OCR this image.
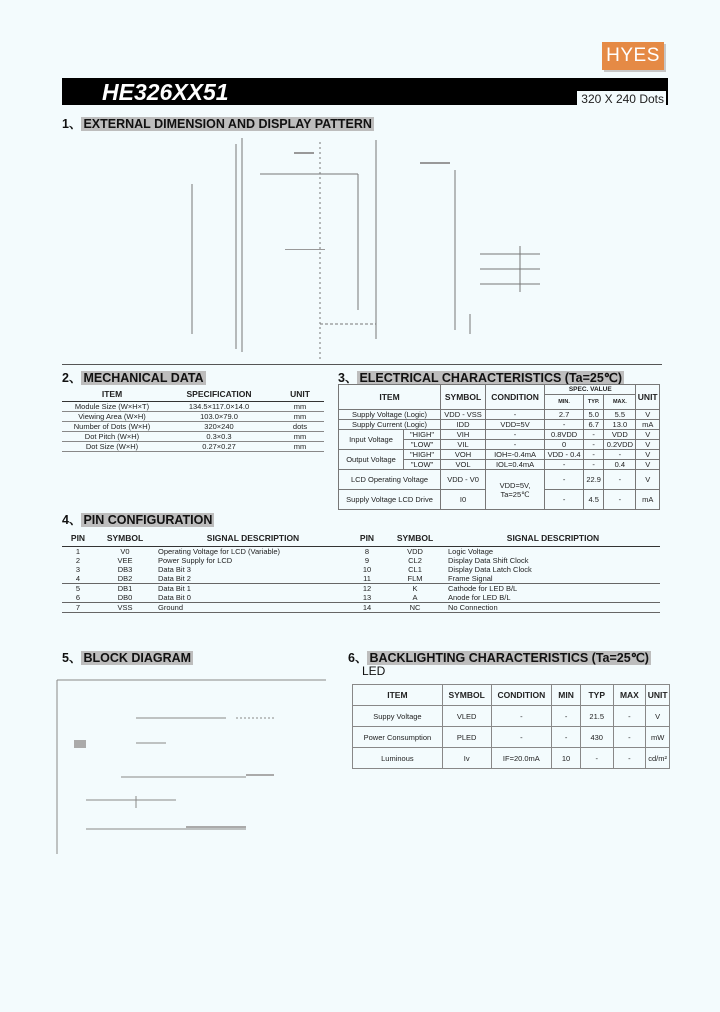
HYES
HE326XX51	320 X 240 Dots
1、 EXTERNAL DIMENSION AND DISPLAY PATTERN
2、 MECHANICAL DATA
ITEM	SPECIFICATION	UNIT
Module Size (W×H×T)	134.5×117.0×14.0	mm
Viewing Area (W×H)	103.0×79.0	mm
Number of Dots (W×H)	320×240	dots
Dot Pitch (W×H)	0.3×0.3	mm
Dot Size (W×H)	0.27×0.27	mm
3、 ELECTRICAL CHARACTERISTICS (Ta=25℃)
ITEM		SYMBOL	CONDITION	SPEC. VALUE			UNIT
				MIN.	TYP.	MAX.	
Supply Voltage (Logic)		VDD - VSS	-	2.7	5.0	5.5	V
Supply Current (Logic)		IDD	VDD=5V	-	6.7	13.0	mA
Input Voltage	"HIGH"	VIH	-	0.8VDD	-	VDD	V
	"LOW"	VIL	-	0	-	0.2VDD	V
Output Voltage	"HIGH"	VOH	IOH=-0.4mA	VDD - 0.4	-	-	V
	"LOW"	VOL	IOL=0.4mA	-	-	0.4	V
LCD Operating Voltage		VDD - V0	VDD=5V, Ta=25℃	-	22.9	-	V
Supply Voltage LCD Drive		I0		-	4.5	-	mA
4、 PIN CONFIGURATION
PIN	SYMBOL	SIGNAL DESCRIPTION	PIN	SYMBOL	SIGNAL DESCRIPTION
1	V0	Operating Voltage for LCD (Variable)	8	VDD	Logic Voltage
2	VEE	Power Supply for LCD	9	CL2	Display Data Shift Clock
3	DB3	Data Bit 3	10	CL1	Display Data Latch Clock
4	DB2	Data Bit 2	11	FLM	Frame Signal
5	DB1	Data Bit 1	12	K	Cathode for LED B/L
6	DB0	Data Bit 0	13	A	Anode for LED B/L
7	VSS	Ground	14	NC	No Connection
5、 BLOCK DIAGRAM	6、 BACKLIGHTING CHARACTERISTICS (Ta=25℃)
LED
ITEM	SYMBOL	CONDITION	MIN	TYP	MAX	UNIT
Suppy Voltage	VLED	-	-	21.5	-	V
Power Consumption	PLED	-	-	430	-	mW
Luminous	Iv	IF=20.0mA	10	-	-	cd/m²
